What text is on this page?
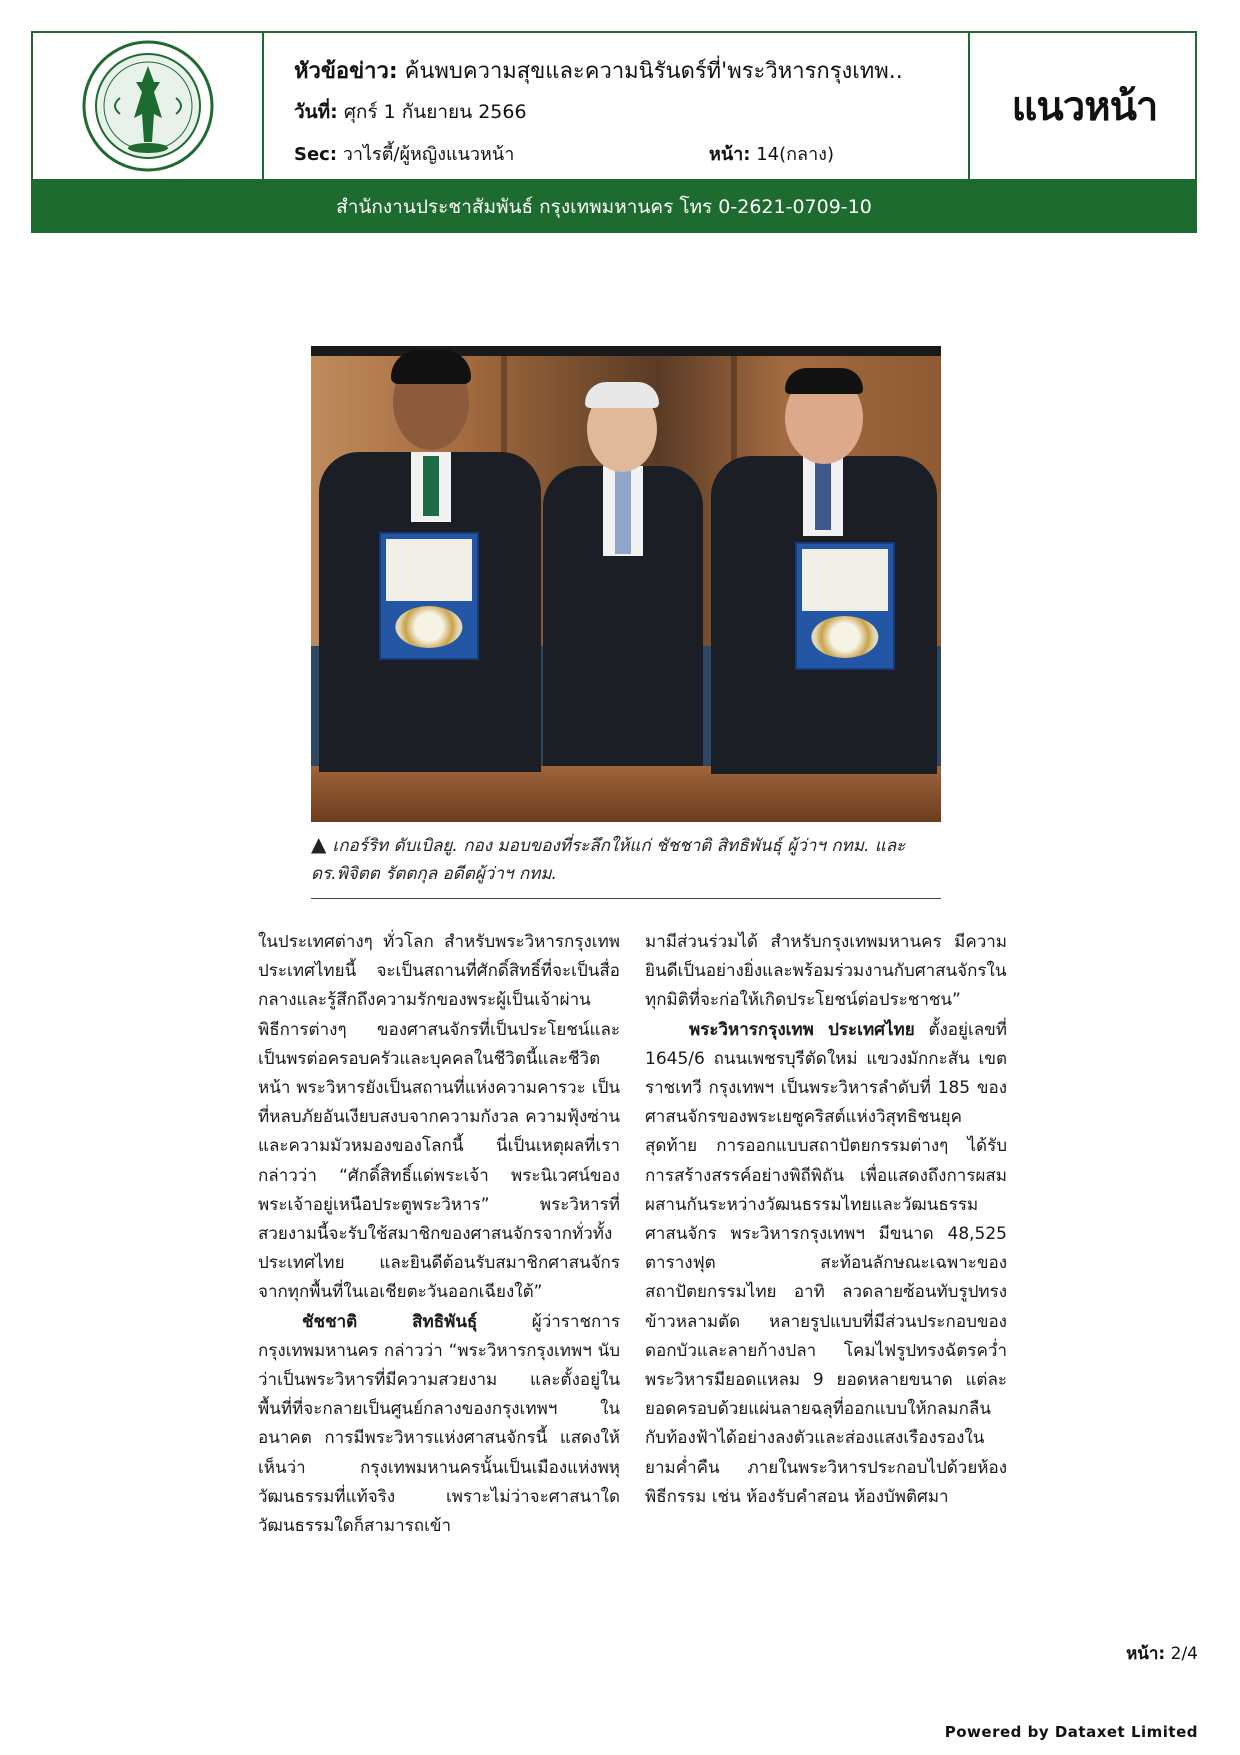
หัวข้อข่าว: ค้นพบความสุขและความนิรันดร์ที่'พระวิหารกรุงเทพ..
วันที่: ศุกร์ 1 กันยายน 2566
Sec: วาไรตี้/ผู้หญิงแนวหน้า	หน้า: 14(กลาง)
แนวหน้า
สำนักงานประชาสัมพันธ์ กรุงเทพมหานคร โทร 0-2621-0709-10
▲ เกอร์ริท ดับเบิลยู. กอง มอบของที่ระลึกให้แก่ ชัชชาติ สิทธิพันธุ์ ผู้ว่าฯ กทม. และ ดร.พิจิตต รัตตกุล อดีตผู้ว่าฯ กทม.

ในประเทศต่างๆ ทั่วโลก สำหรับพระวิหารกรุงเทพ ประเทศไทยนี้ จะเป็นสถานที่ศักดิ์สิทธิ์ที่จะเป็นสื่อกลางและรู้สึกถึงความรักของพระผู้เป็นเจ้าผ่านพิธีการต่างๆ ของศาสนจักรที่เป็นประโยชน์และเป็นพรต่อครอบครัวและบุคคลในชีวิตนี้และชีวิตหน้า พระวิหารยังเป็นสถานที่แห่งความคารวะ เป็นที่หลบภัยอันเงียบสงบจากความกังวล ความฟุ้งซ่านและความมัวหมองของโลกนี้ นี่เป็นเหตุผลที่เรากล่าวว่า “ศักดิ์สิทธิ์แด่พระเจ้า พระนิเวศน์ของพระเจ้าอยู่เหนือประตูพระวิหาร” พระวิหารที่สวยงามนี้จะรับใช้สมาชิกของศาสนจักรจากทั่วทั้งประเทศไทย และยินดีต้อนรับสมาชิกศาสนจักรจากทุกพื้นที่ในเอเชียตะวันออกเฉียงใต้”

ชัชชาติ สิทธิพันธุ์	ผู้ว่าราชการกรุงเทพมหานคร กล่าวว่า “พระวิหารกรุงเทพฯ นับว่าเป็นพระวิหารที่มีความสวยงาม และตั้งอยู่ในพื้นที่ที่จะกลายเป็นศูนย์กลางของกรุงเทพฯ ในอนาคต การมีพระวิหารแห่งศาสนจักรนี้ แสดงให้เห็นว่า กรุงเทพมหานครนั้นเป็นเมืองแห่งพหุวัฒนธรรมที่แท้จริง เพราะไม่ว่าจะศาสนาใด วัฒนธรรมใดก็สามารถเข้า

มามีส่วนร่วมได้ สำหรับกรุงเทพมหานคร มีความยินดีเป็นอย่างยิ่งและพร้อมร่วมงานกับศาสนจักรในทุกมิติที่จะก่อให้เกิดประโยชน์ต่อประชาชน”

พระวิหารกรุงเทพ ประเทศไทย ตั้งอยู่เลขที่ 1645/6 ถนนเพชรบุรีตัดใหม่ แขวงมักกะสัน เขตราชเทวี กรุงเทพฯ เป็นพระวิหารลำดับที่ 185 ของศาสนจักรของพระเยซูคริสต์แห่งวิสุทธิชนยุคสุดท้าย การออกแบบสถาปัตยกรรมต่างๆ ได้รับการสร้างสรรค์อย่างพิถีพิถัน เพื่อแสดงถึงการผสมผสานกันระหว่างวัฒนธรรมไทยและวัฒนธรรมศาสนจักร พระวิหารกรุงเทพฯ มีขนาด 48,525 ตารางฟุต สะท้อนลักษณะเฉพาะของสถาปัตยกรรมไทย อาทิ ลวดลายซ้อนทับรูปทรงข้าวหลามตัด หลายรูปแบบที่มีส่วนประกอบของดอกบัวและลายก้างปลา โคมไฟรูปทรงฉัตรคว่ำ พระวิหารมียอดแหลม 9 ยอดหลายขนาด แต่ละยอดครอบด้วยแผ่นลายฉลุที่ออกแบบให้กลมกลืนกับท้องฟ้าได้อย่างลงตัวและส่องแสงเรืองรองในยามค่ำคืน ภายในพระวิหารประกอบไปด้วยห้องพิธีกรรม เช่น ห้องรับคำสอน ห้องบัพติศมา

หน้า: 2/4
Powered by Dataxet Limited
